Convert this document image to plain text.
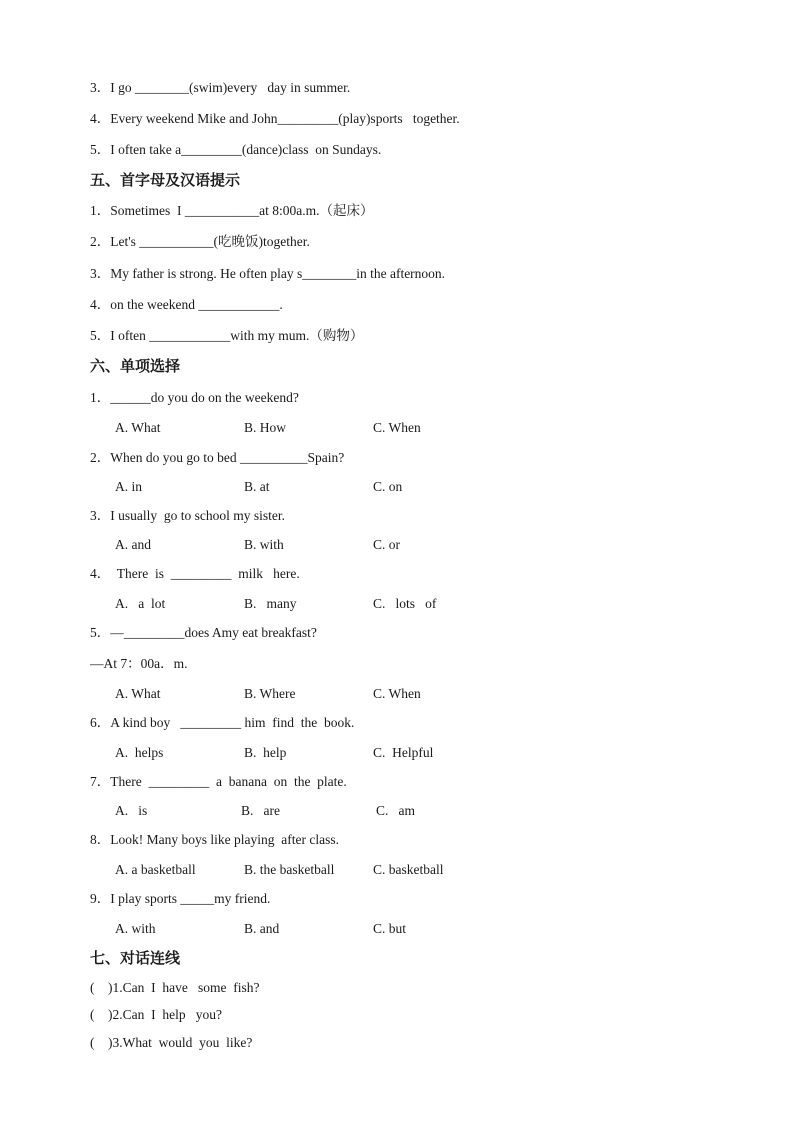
3．I go ________(swim)every   day in summer.
4．Every weekend Mike and John_________(play)sports   together.
5．I often take a_________(dance)class  on Sundays.
五、首字母及汉语提示
1．Sometimes  I ___________at 8:00a.m.（起床）
2．Let's ___________(吃晚饭)together.
3．My father is strong. He often play s________in the afternoon.
4．on the weekend ____________.
5．I often ____________with my mum.（购物）
六、单项选择
1．______do you do on the weekend?
A. What	B. How	C. When
2．When do you go to bed __________Spain?
A. in	B. at	C. on
3．I usually  go to school my sister.
A. and	B. with	C. or
4．  There  is  _________  milk   here.
A.   a  lot	B.   many	C.   lots   of
5．—_________does Amy eat breakfast?
—At 7：00a．m.
A. What	B. Where	C. When
6．A kind boy   _________ him  find  the  book.
A.  helps	B.  help	C.  Helpful
7．There  _________  a  banana  on  the  plate.
A.   is	B.   are	C.   am
8．Look! Many boys like playing  after class.
A. a basketball	B. the basketball	C. basketball
9．I play sports _____my friend.
A. with	B. and	C. but
七、对话连线
(    )1.Can  I  have   some  fish?
(    )2.Can  I  help   you?
(    )3.What  would  you  like?
